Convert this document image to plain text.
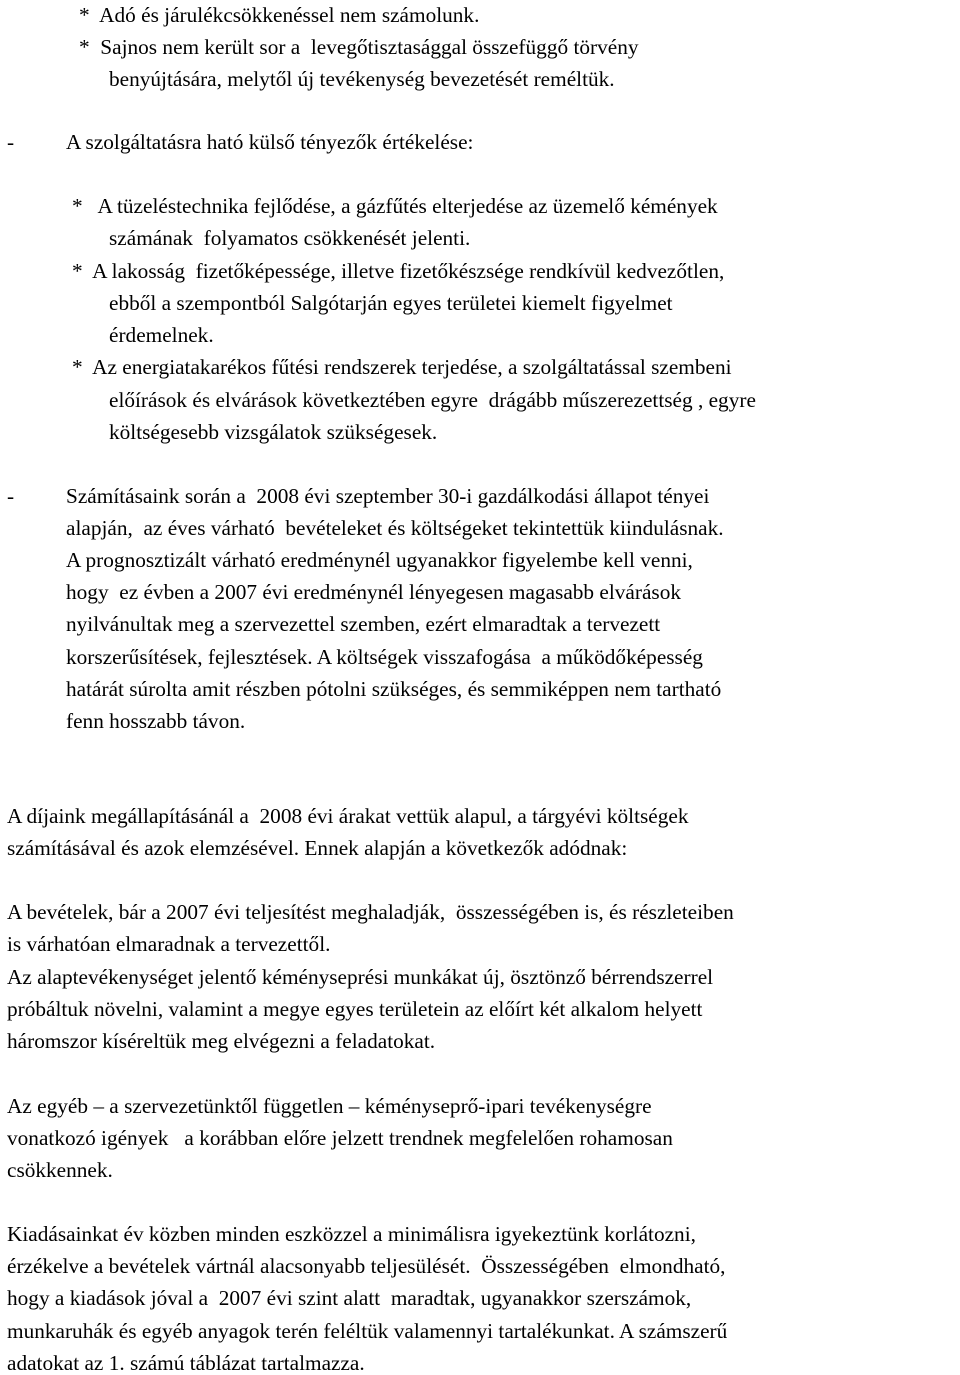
*  Adó és járulékcsökkenéssel nem számolunk.
*  Sajnos nem került sor a  levegőtisztasággal összefüggő törvény
benyújtására, melytől új tevékenység bevezetését reméltük.
- A szolgáltatásra ható külső tényezők értékelése:
*   A tüzeléstechnika fejlődése, a gázfűtés elterjedése az üzemelő kémények
számának  folyamatos csökkenését jelenti.
*  A lakosság  fizetőképessége, illetve fizetőkészsége rendkívül kedvezőtlen,
ebből a szempontból Salgótarján egyes területei kiemelt figyelmet
érdemelnek.
*  Az energiatakarékos fűtési rendszerek terjedése, a szolgáltatással szembeni
előírások és elvárások következtében egyre  drágább műszerezettség , egyre
költségesebb vizsgálatok szükségesek.
- Számításaink során a  2008 évi szeptember 30-i gazdálkodási állapot tényei
alapján,  az éves várható  bevételeket és költségeket tekintettük kiindulásnak.
A prognosztizált várható eredménynél ugyanakkor figyelembe kell venni,
hogy  ez évben a 2007 évi eredménynél lényegesen magasabb elvárások
nyilvánultak meg a szervezettel szemben, ezért elmaradtak a tervezett
korszerűsítések, fejlesztések. A költségek visszafogása  a működőképesség
határát súrolta amit részben pótolni szükséges, és semmiképpen nem tartható
fenn hosszabb távon.
A díjaink megállapításánál a  2008 évi árakat vettük alapul, a tárgyévi költségek
számításával és azok elemzésével. Ennek alapján a következők adódnak:
A bevételek, bár a 2007 évi teljesítést meghaladják,  összességében is, és részleteiben
is várhatóan elmaradnak a tervezettől.
Az alaptevékenységet jelentő kéményseprési munkákat új, ösztönző bérrendszerrel
próbáltuk növelni, valamint a megye egyes területein az előírt két alkalom helyett
háromszor kíséreltük meg elvégezni a feladatokat.
Az egyéb – a szervezetünktől független – kéményseprő-ipari tevékenységre
vonatkozó igények   a korábban előre jelzett trendnek megfelelően rohamosan
csökkennek.
Kiadásainkat év közben minden eszközzel a minimálisra igyekeztünk korlátozni,
érzékelve a bevételek vártnál alacsonyabb teljesülését.  Összességében  elmondható,
hogy a kiadások jóval a  2007 évi szint alatt  maradtak, ugyanakkor szerszámok,
munkaruhák és egyéb anyagok terén feléltük valamennyi tartalékunkat. A számszerű
adatokat az 1. számú táblázat tartalmazza.
